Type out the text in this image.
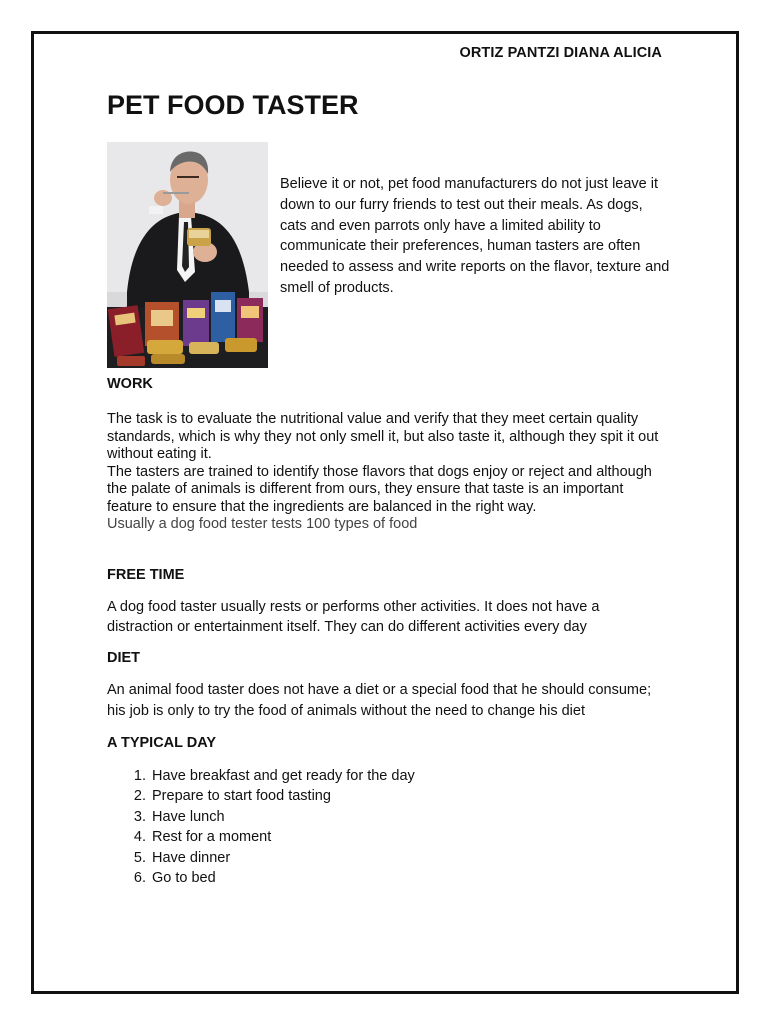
ORTIZ PANTZI DIANA ALICIA
PET FOOD TASTER

Believe it or not, pet food manufacturers do not just leave it down to our furry friends to test out their meals. As dogs, cats and even parrots only have a limited ability to communicate their preferences, human tasters are often needed to assess and write reports on the flavor, texture and smell of products.

WORK

The task is to evaluate the nutritional value and verify that they meet certain quality standards, which is why they not only smell it, but also taste it, although they spit it out without eating it.

The tasters are trained to identify those flavors that dogs enjoy or reject and although the palate of animals is different from ours, they ensure that taste is an important feature to ensure that the ingredients are balanced in the right way.

Usually a dog food tester tests 100 types of food

FREE TIME

A dog food taster usually rests or performs other activities. It does not have a distraction or entertainment itself. They can do different activities every day

DIET

An animal food taster does not have a diet or a special food that he should consume; his job is only to try the food of animals without the need to change his diet

A TYPICAL DAY
1. Have breakfast and get ready for the day
2. Prepare to start food tasting
3. Have lunch
4. Rest for a moment
5. Have dinner
6. Go to bed
